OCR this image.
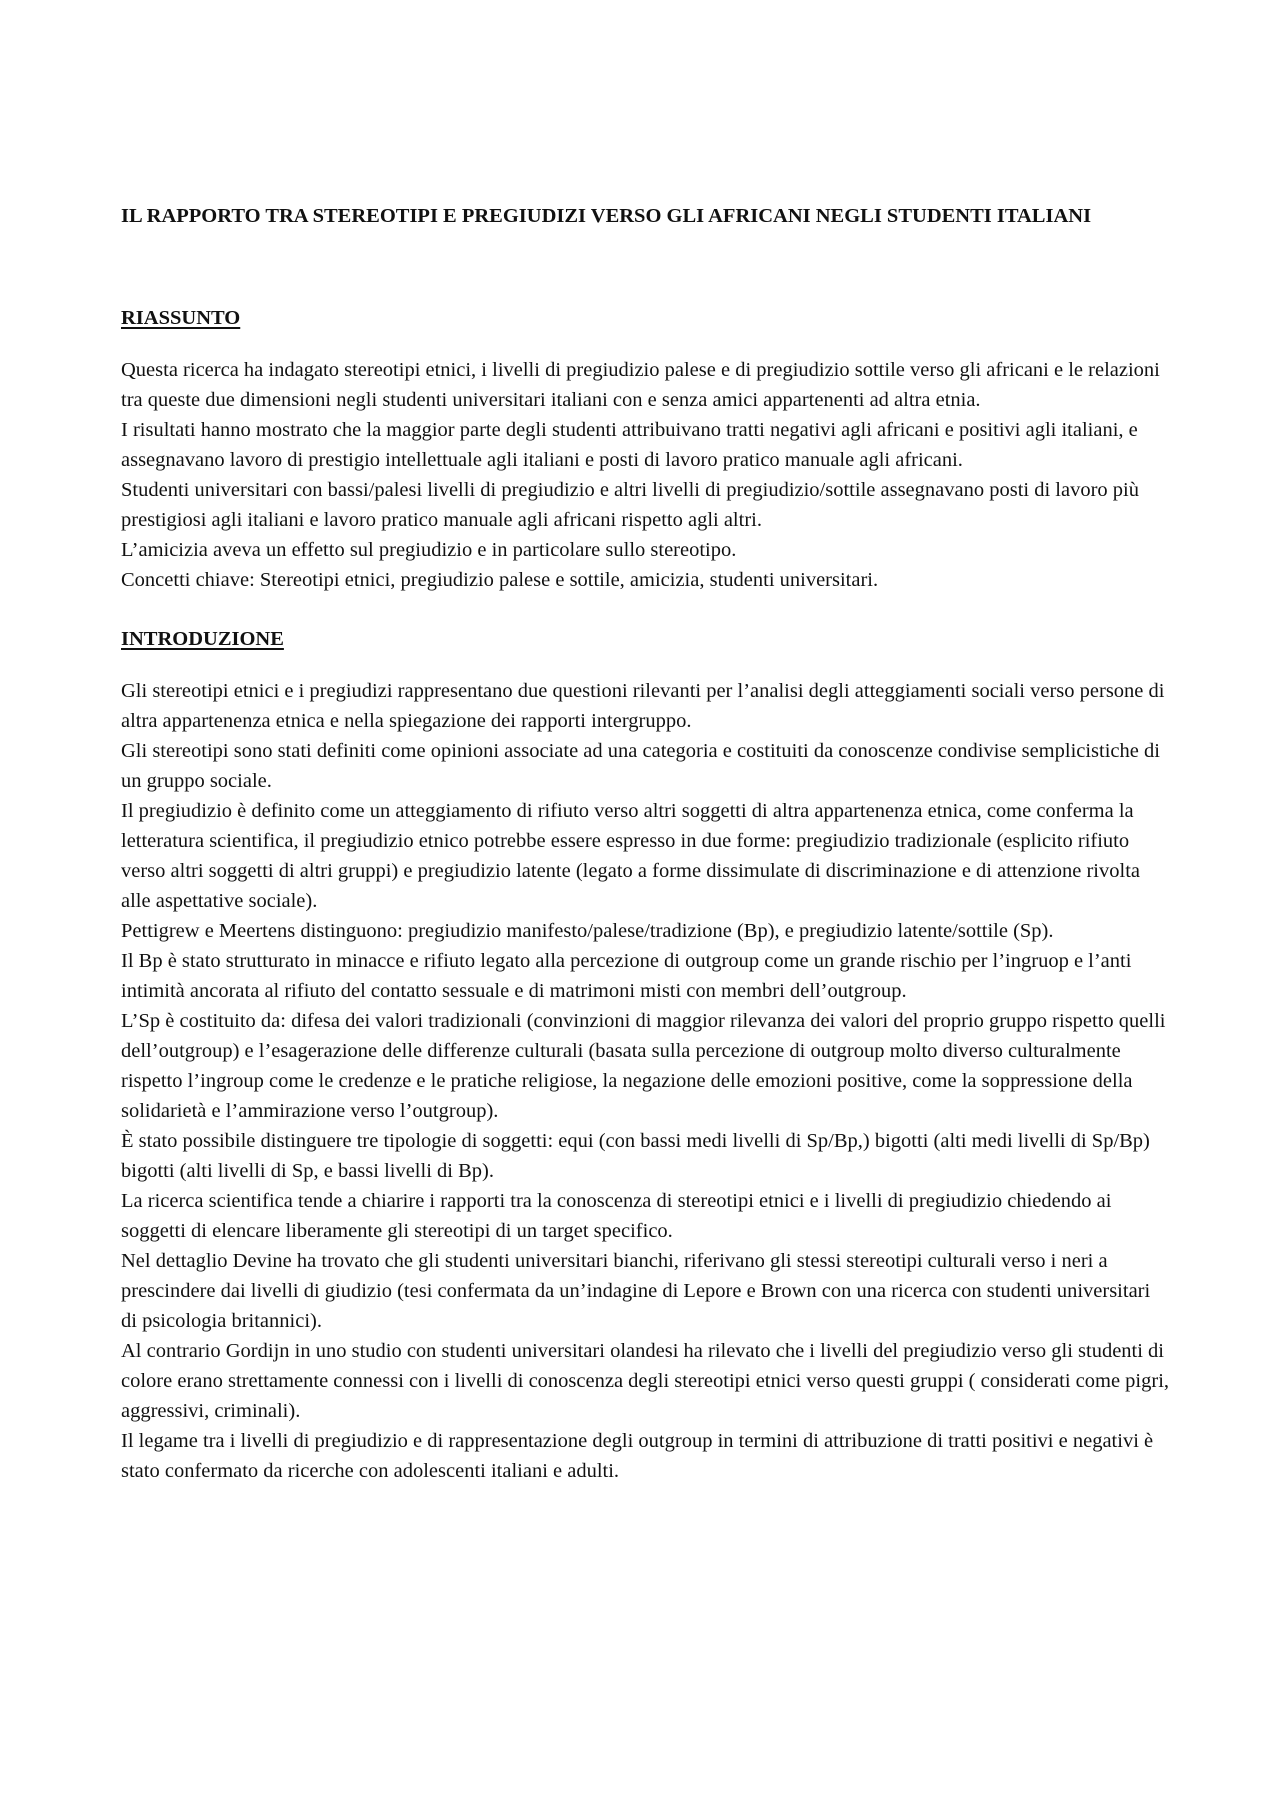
IL RAPPORTO TRA STEREOTIPI E PREGIUDIZI VERSO GLI AFRICANI NEGLI STUDENTI ITALIANI
RIASSUNTO

Questa ricerca ha indagato stereotipi etnici, i livelli di pregiudizio palese e di pregiudizio sottile verso gli africani e le relazioni tra queste due dimensioni negli studenti universitari italiani con e senza amici appartenenti ad altra etnia.

I risultati hanno mostrato che la maggior parte degli studenti attribuivano tratti negativi agli africani e positivi agli italiani, e assegnavano lavoro di prestigio intellettuale agli italiani e posti di lavoro pratico manuale agli africani.

Studenti universitari con bassi/palesi livelli di pregiudizio e altri livelli di pregiudizio/sottile assegnavano posti di lavoro più prestigiosi agli italiani e lavoro pratico manuale agli africani rispetto agli altri.

L’amicizia aveva un effetto sul pregiudizio e in particolare sullo stereotipo.

Concetti chiave: Stereotipi etnici, pregiudizio palese e sottile, amicizia, studenti universitari.

INTRODUZIONE

Gli stereotipi etnici e i pregiudizi rappresentano due questioni rilevanti per l’analisi degli atteggiamenti sociali verso persone di altra appartenenza etnica e nella spiegazione dei rapporti intergruppo.

Gli stereotipi sono stati definiti come opinioni associate ad una categoria e costituiti da conoscenze condivise semplicistiche di un gruppo sociale.

Il pregiudizio è definito come un atteggiamento di rifiuto verso altri soggetti di altra appartenenza etnica, come conferma la letteratura scientifica, il pregiudizio etnico potrebbe essere espresso in due forme: pregiudizio tradizionale (esplicito rifiuto verso altri soggetti di altri gruppi) e pregiudizio latente (legato a forme dissimulate di discriminazione e di attenzione rivolta alle aspettative sociale).

Pettigrew e Meertens distinguono: pregiudizio manifesto/palese/tradizione (Bp), e pregiudizio latente/sottile (Sp).

Il Bp è stato strutturato in minacce e rifiuto legato alla percezione di outgroup come un grande rischio per l’ingruop e l’anti intimità ancorata al rifiuto del contatto sessuale e di matrimoni misti con membri dell’outgroup.

L’Sp è costituito da: difesa dei valori tradizionali (convinzioni di maggior rilevanza dei valori del proprio gruppo rispetto quelli dell’outgroup) e l’esagerazione delle differenze culturali (basata sulla percezione di outgroup molto diverso culturalmente rispetto l’ingroup come le credenze e le pratiche religiose, la negazione delle emozioni positive, come la soppressione della solidarietà e l’ammirazione verso l’outgroup).

È stato possibile distinguere tre tipologie di soggetti: equi (con bassi medi livelli di Sp/Bp,) bigotti (alti medi livelli di Sp/Bp) bigotti (alti livelli di Sp, e bassi livelli di Bp).

La ricerca scientifica tende a chiarire i rapporti tra la conoscenza di stereotipi etnici e i livelli di pregiudizio chiedendo ai soggetti di elencare liberamente gli stereotipi di un target specifico.

Nel dettaglio Devine ha trovato che gli studenti universitari bianchi, riferivano gli stessi stereotipi culturali verso i neri a prescindere dai livelli di giudizio (tesi confermata da un’indagine di Lepore e Brown con una ricerca con studenti universitari di psicologia britannici).

Al contrario Gordijn in uno studio con studenti universitari olandesi ha rilevato che i livelli del pregiudizio verso gli studenti di colore erano strettamente connessi con i livelli di conoscenza degli stereotipi etnici verso questi gruppi ( considerati come pigri, aggressivi, criminali).

Il legame tra i livelli di pregiudizio e di rappresentazione degli outgroup in termini di attribuzione di tratti positivi e negativi è stato confermato da ricerche con adolescenti italiani e adulti.
